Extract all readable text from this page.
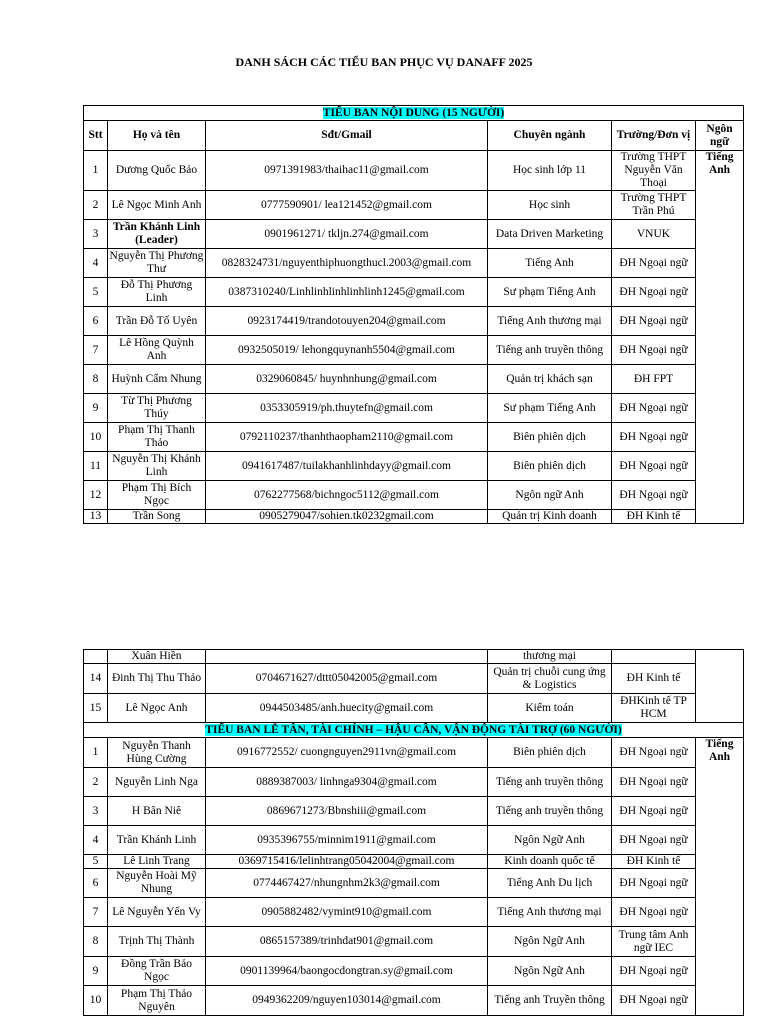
DANH SÁCH CÁC TIỂU BAN PHỤC VỤ DANAFF 2025
TIỂU BAN NỘI DUNG (15 NGƯỜI)					
Stt	Họ và tên	Sđt/Gmail	Chuyên ngành	Trường/Đơn vị	Ngôn ngữ
1	Dương Quốc Bảo	0971391983/thaihac11@gmail.com	Học sinh lớp 11	Trường THPT Nguyễn Văn Thoại	Tiếng Anh
2	Lê Ngọc Minh Anh	0777590901/ lea121452@gmail.com	Học sinh	Trường THPT Trần Phú	
3	Trần Khánh Linh (Leader)	0901961271/ tkljn.274@gmail.com	Data Driven Marketing	VNUK	
4	Nguyễn Thị Phương Thư	0828324731/nguyenthiphuongthucl.2003@gmail.com	Tiếng Anh	ĐH Ngoại ngữ	
5	Đỗ Thị Phương Linh	0387310240/Linhlinhlinhlinhlinh1245@gmail.com	Sư phạm Tiếng Anh	ĐH Ngoại ngữ	
6	Trần Đỗ Tố Uyên	0923174419/trandotouyen204@gmail.com	Tiếng Anh thương mại	ĐH Ngoại ngữ	
7	Lê Hồng Quỳnh Anh	0932505019/ lehongquynanh5504@gmail.com	Tiếng anh truyền thông	ĐH Ngoại ngữ	
8	Huỳnh Cẩm Nhung	0329060845/ huynhnhung@gmail.com	Quản trị khách sạn	ĐH FPT	
9	Từ Thị Phương Thúy	0353305919/ph.thuytefn@gmail.com	Sư phạm Tiếng Anh	ĐH Ngoại ngữ	
10	Phạm Thị Thanh Thảo	0792110237/thanhthaopham2110@gmail.com	Biên phiên dịch	ĐH Ngoại ngữ	
11	Nguyễn Thị Khánh Linh	0941617487/tuilakhanhlinhdayy@gmail.com	Biên phiên dịch	ĐH Ngoại ngữ	
12	Phạm Thị Bích Ngọc	0762277568/bichngoc5112@gmail.com	Ngôn ngữ Anh	ĐH Ngoại ngữ	
13	Trần Song	0905279047/sohien.tk0232gmail.com	Quản trị Kinh doanh	ĐH Kinh tế	
	Xuân Hiền		thương mại		
14	Đinh Thị Thu Thảo	0704671627/dttt05042005@gmail.com	Quản trị chuỗi cung ứng & Logistics	ĐH Kinh tế	
15	Lê Ngọc Anh	0944503485/anh.huecity@gmail.com	Kiểm toán	ĐHKinh tế TP HCM	
TIỂU BAN LỄ TÂN, TÀI CHÍNH – HẬU CẦN, VẬN ĐỘNG TÀI TRỢ (60 NGƯỜI)					
1	Nguyễn Thanh Hùng Cường	0916772552/ cuongnguyen2911vn@gmail.com	Biên phiên dịch	ĐH Ngoại ngữ	Tiếng Anh
2	Nguyễn Linh Nga	0889387003/ linhnga9304@gmail.com	Tiếng anh truyền thông	ĐH Ngoại ngữ	
3	H Bân Niê	0869671273/Bbnshiii@gmail.com	Tiếng anh truyền thông	ĐH Ngoại ngữ	
4	Trần Khánh Linh	0935396755/minnim1911@gmail.com	Ngôn Ngữ Anh	ĐH Ngoại ngữ	
5	Lê Linh Trang	0369715416/lelinhtrang05042004@gmail.com	Kinh doanh quốc tế	ĐH Kinh tế	
6	Nguyễn Hoài Mỹ Nhung	0774467427/nhungnhm2k3@gmail.com	Tiếng Anh Du lịch	ĐH Ngoại ngữ	
7	Lê Nguyễn Yến Vy	0905882482/vymint910@gmail.com	Tiếng Anh thương mại	ĐH Ngoại ngữ	
8	Trịnh Thị Thành	0865157389/trinhdat901@gmail.com	Ngôn Ngữ Anh	Trung tâm Anh ngữ IEC	
9	Đồng Trần Bảo Ngọc	0901139964/baongocdongtran.sy@gmail.com	Ngôn Ngữ Anh	ĐH Ngoại ngữ	
10	Phạm Thị Thảo Nguyên	0949362209/nguyen103014@gmail.com	Tiếng anh Truyền thông	ĐH Ngoại ngữ	
